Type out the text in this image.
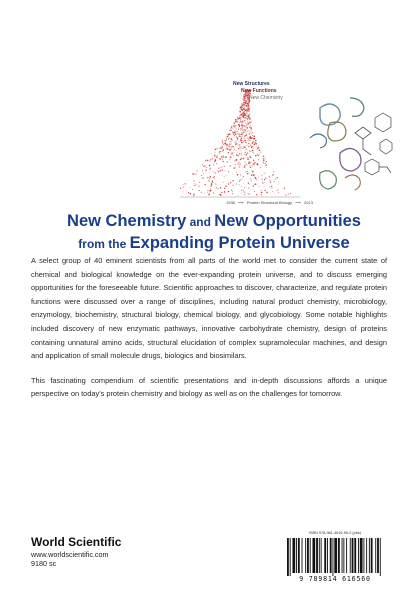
New Structures
New Functions
New Chemistry
1938 ⟶ Protein Structural Biology ⟶ 2013
New Chemistry and New Opportunities
from the Expanding Protein Universe

A select group of 40 eminent scientists from all parts of the world met to consider the current state of chemical and biological knowledge on the ever-expanding protein universe, and to discuss emerging opportunities for the foreseeable future. Scientific approaches to discover, characterize, and regulate protein functions were discussed over a range of disciplines, including natural product chemistry, microbiology, enzymology, biochemistry, structural biology, chemical biology, and glycobiology. Some notable highlights included discovery of new enzymatic pathways, innovative carbohydrate chemistry, design of proteins containing unnatural amino acids, structural elucidation of complex supramolecular machines, and design and application of small molecule drugs, biologics and biosimilars.

This fascinating compendium of scientific presentations and in-depth discussions affords a unique perspective on today's protein chemistry and biology as well as on the challenges for tomorrow.

World Scientific
www.worldscientific.com
9180 sc
ISBN 978-981-4616-56-0 (pbk)
9 789814 616560
